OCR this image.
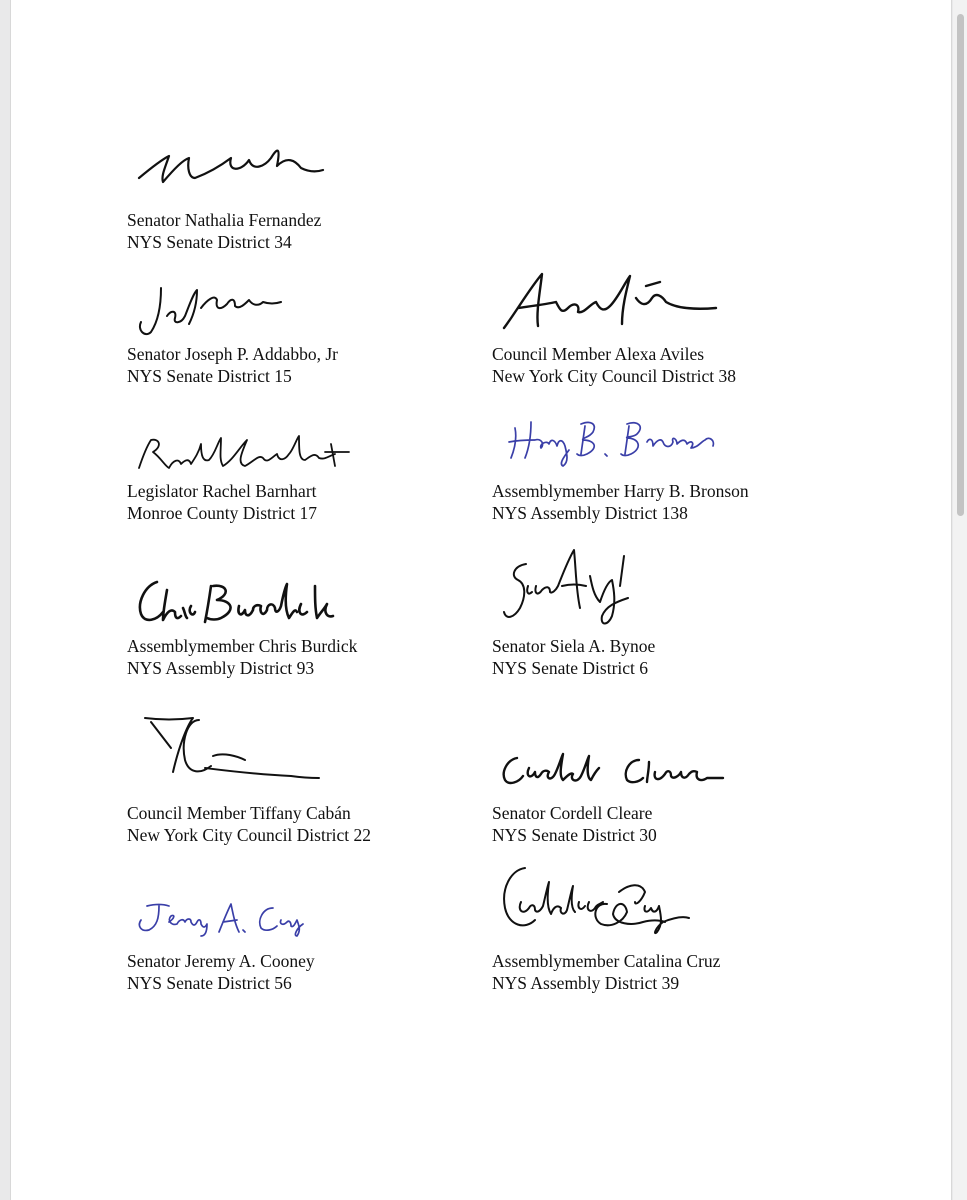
Senator Nathalia Fernandez
NYS Senate District 34
Senator Joseph P. Addabbo, Jr
NYS Senate District 15
Council Member Alexa Aviles
New York City Council District 38
Legislator Rachel Barnhart
Monroe County District 17
Assemblymember Harry B. Bronson
NYS Assembly District 138
Assemblymember Chris Burdick
NYS Assembly District 93
Senator Siela A. Bynoe
NYS Senate District 6
Council Member Tiffany Cabán
New York City Council District 22
Senator Cordell Cleare
NYS Senate District 30
Senator Jeremy A. Cooney
NYS Senate District 56
Assemblymember Catalina Cruz
NYS Assembly District 39
